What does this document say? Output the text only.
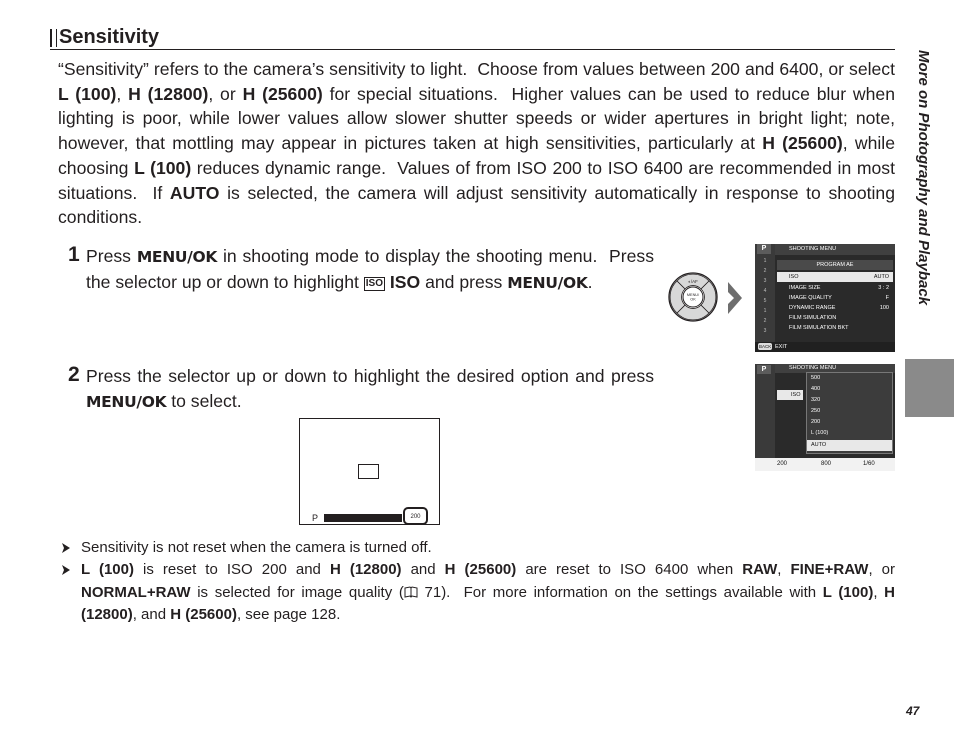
Sensitivity
“Sensitivity” refers to the camera’s sensitivity to light.  Choose from values between 200 and 6400, or select L (100), H (12800), or H (25600) for special situations.  Higher values can be used to reduce blur when lighting is poor, while lower values allow slower shutter speeds or wider apertures in bright light; note, however, that mottling may appear in pictures taken at high sensitivities, particularly at H (25600), while choosing L (100) reduces dynamic range.  Values of from ISO 200 to ISO 6400 are recommended in most situations.  If AUTO is selected, the camera will adjust sensitivity automatically in response to shooting conditions.
1 Press MENU/OK in shooting mode to display the shooting menu.  Press the selector up or down to highlight ISO ISO and press MENU/OK.
MENU/
OK
◐/AF
1
2
3
4
5
1
2
3
P	SHOOTING MENU
PROGRAM AE
ISO	AUTO
IMAGE SIZE	3 : 2
IMAGE QUALITY	F
DYNAMIC RANGE	100
FILM SIMULATION
FILM SIMULATION BKT
BACK EXIT
2 Press the selector up or down to highlight the desired option and press MENU/OK to select.
P	SHOOTING MENU
ISO
500
400
320
250
200
L (100)
AUTO
200	800	1/60
P	200
Sensitivity is not reset when the camera is turned off.
L (100) is reset to ISO 200 and H (12800) and H (25600) are reset to ISO 6400 when RAW, FINE+RAW, or NORMAL+RAW is selected for image quality ( 71).  For more information on the settings available with L (100), H (12800), and H (25600), see page 128.
More on Photography and Playback
47
